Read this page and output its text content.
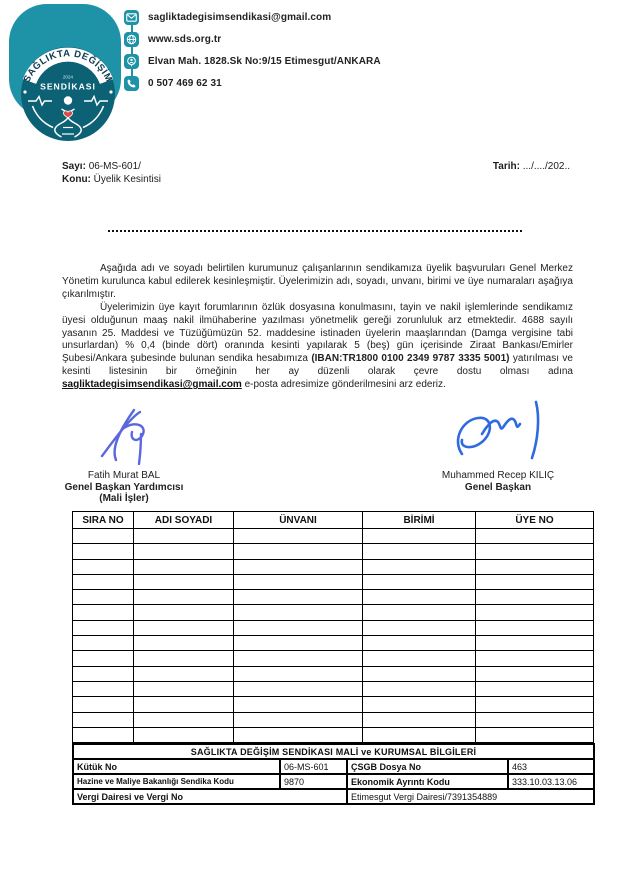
SAĞLIKTA DEĞİŞİM
2024
SENDİKASI
sagliktadegisimsendikasi@gmail.com
www.sds.org.tr
Elvan Mah. 1828.Sk No:9/15 Etimesgut/ANKARA
0 507 469 62 31
Sayı: 06-MS-601/	Tarih: .../..../202..
Konu: Üyelik Kesintisi

Aşağıda adı ve soyadı belirtilen kurumunuz çalışanlarının sendikamıza üyelik başvuruları Genel Merkez Yönetim kurulunca kabul edilerek kesinleşmiştir. Üyelerimizin adı, soyadı, unvanı, birimi ve üye numaraları aşağıya çıkarılmıştır.

Üyelerimizin üye kayıt forumlarının özlük dosyasına konulmasını, tayin ve nakil işlemlerinde sendikamız üyesi olduğunun maaş nakil ilmühaberine yazılması yönetmelik gereği zorunluluk arz etmektedir. 4688 sayılı yasanın 25. Maddesi ve Tüzüğümüzün 52. maddesine istinaden üyelerin maaşlarından (Damga vergisine tabi unsurlardan) % 0,4 (binde dört) oranında kesinti yapılarak 5 (beş) gün içerisinde Ziraat Bankası/Emirler Şubesi/Ankara şubesinde bulunan sendika hesabımıza (IBAN:TR1800 0100 2349 9787 3335 5001) yatırılması ve kesinti listesinin bir örneğinin her ay düzenli olarak çevre dostu olması adına sagliktadegisimsendikasi@gmail.com e-posta adresimize gönderilmesini arz ederiz.

Fatih Murat BAL
Genel Başkan Yardımcısı
(Mali İşler)
Muhammed Recep KILIÇ
Genel Başkan
SIRA NO	ADI SOYADI	ÜNVANI	BİRİMİ	ÜYE NO

SAĞLIKTA DEĞİŞİM SENDİKASI MALİ ve KURUMSAL BİLGİLERİ			
Kütük No	06-MS-601	ÇSGB Dosya No	463
Hazine ve Maliye Bakanlığı Sendika Kodu	9870	Ekonomik Ayrıntı Kodu	333.10.03.13.06
Vergi Dairesi ve Vergi No		Etimesgut Vergi Dairesi/7391354889	
